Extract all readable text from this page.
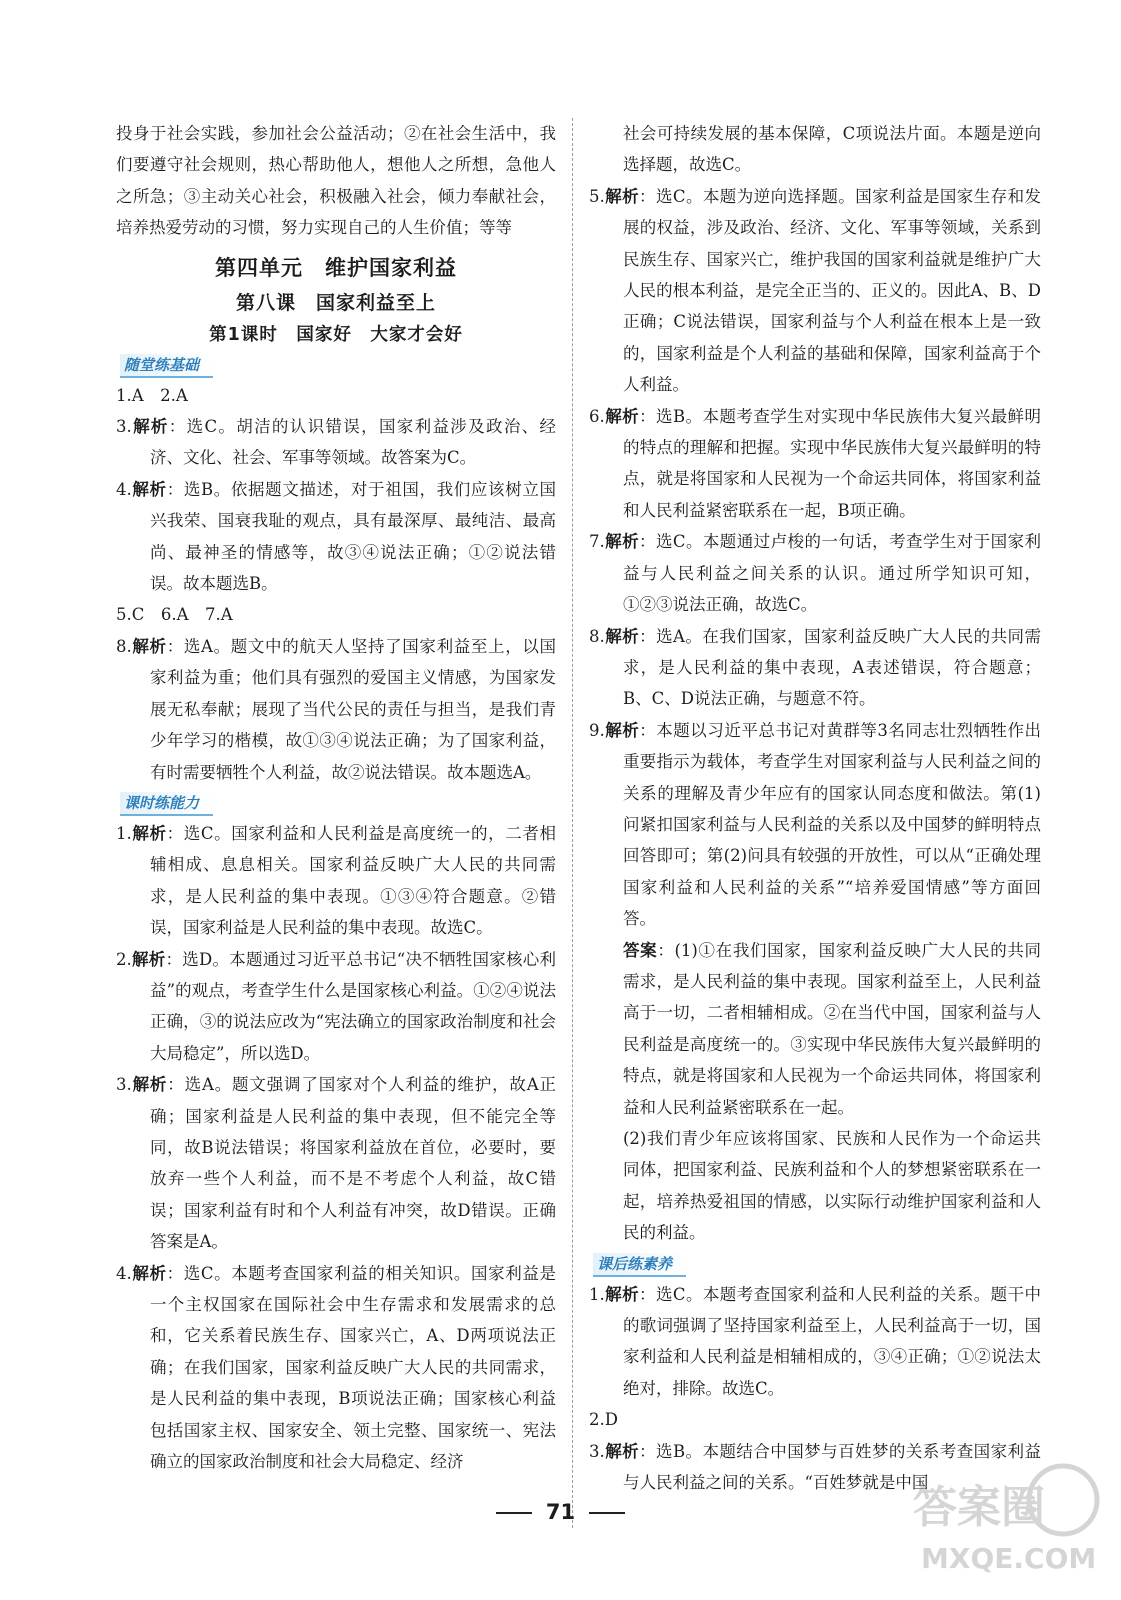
投身于社会实践，参加社会公益活动；②在社会生活中，我们要遵守社会规则，热心帮助他人，想他人之所想，急他人之所急；③主动关心社会，积极融入社会，倾力奉献社会，培养热爱劳动的习惯，努力实现自己的人生价值；等等

第四单元　维护国家利益
第八课　国家利益至上
第1课时　国家好　大家才会好
随堂练基础

1.A　2.A

3.解析：选C。胡洁的认识错误，国家利益涉及政治、经济、文化、社会、军事等领域。故答案为C。

4.解析：选B。依据题文描述，对于祖国，我们应该树立国兴我荣、国衰我耻的观点，具有最深厚、最纯洁、最高尚、最神圣的情感等，故③④说法正确；①②说法错误。故本题选B。

5.C　6.A　7.A

8.解析：选A。题文中的航天人坚持了国家利益至上，以国家利益为重；他们具有强烈的爱国主义情感，为国家发展无私奉献；展现了当代公民的责任与担当，是我们青少年学习的楷模，故①③④说法正确；为了国家利益，有时需要牺牲个人利益，故②说法错误。故本题选A。

课时练能力

1.解析：选C。国家利益和人民利益是高度统一的，二者相辅相成、息息相关。国家利益反映广大人民的共同需求，是人民利益的集中表现。①③④符合题意。②错误，国家利益是人民利益的集中表现。故选C。

2.解析：选D。本题通过习近平总书记“决不牺牲国家核心利益”的观点，考查学生什么是国家核心利益。①②④说法正确，③的说法应改为“宪法确立的国家政治制度和社会大局稳定”，所以选D。

3.解析：选A。题文强调了国家对个人利益的维护，故A正确；国家利益是人民利益的集中表现，但不能完全等同，故B说法错误；将国家利益放在首位，必要时，要放弃一些个人利益，而不是不考虑个人利益，故C错误；国家利益有时和个人利益有冲突，故D错误。正确答案是A。

4.解析：选C。本题考查国家利益的相关知识。国家利益是一个主权国家在国际社会中生存需求和发展需求的总和，它关系着民族生存、国家兴亡，A、D两项说法正确；在我们国家，国家利益反映广大人民的共同需求，是人民利益的集中表现，B项说法正确；国家核心利益包括国家主权、国家安全、领土完整、国家统一、宪法确立的国家政治制度和社会大局稳定、经济

社会可持续发展的基本保障，C项说法片面。本题是逆向选择题，故选C。

5.解析：选C。本题为逆向选择题。国家利益是国家生存和发展的权益，涉及政治、经济、文化、军事等领域，关系到民族生存、国家兴亡，维护我国的国家利益就是维护广大人民的根本利益，是完全正当的、正义的。因此A、B、D正确；C说法错误，国家利益与个人利益在根本上是一致的，国家利益是个人利益的基础和保障，国家利益高于个人利益。

6.解析：选B。本题考查学生对实现中华民族伟大复兴最鲜明的特点的理解和把握。实现中华民族伟大复兴最鲜明的特点，就是将国家和人民视为一个命运共同体，将国家利益和人民利益紧密联系在一起，B项正确。

7.解析：选C。本题通过卢梭的一句话，考查学生对于国家利益与人民利益之间关系的认识。通过所学知识可知，①②③说法正确，故选C。

8.解析：选A。在我们国家，国家利益反映广大人民的共同需求，是人民利益的集中表现，A表述错误，符合题意；B、C、D说法正确，与题意不符。

9.解析：本题以习近平总书记对黄群等3名同志壮烈牺牲作出重要指示为载体，考查学生对国家利益与人民利益之间的关系的理解及青少年应有的国家认同态度和做法。第(1)问紧扣国家利益与人民利益的关系以及中国梦的鲜明特点回答即可；第(2)问具有较强的开放性，可以从“正确处理国家利益和人民利益的关系”“培养爱国情感”等方面回答。

答案：(1)①在我们国家，国家利益反映广大人民的共同需求，是人民利益的集中表现。国家利益至上，人民利益高于一切，二者相辅相成。②在当代中国，国家利益与人民利益是高度统一的。③实现中华民族伟大复兴最鲜明的特点，就是将国家和人民视为一个命运共同体，将国家利益和人民利益紧密联系在一起。

(2)我们青少年应该将国家、民族和人民作为一个命运共同体，把国家利益、民族利益和个人的梦想紧密联系在一起，培养热爱祖国的情感，以实际行动维护国家利益和人民的利益。

课后练素养

1.解析：选C。本题考查国家利益和人民利益的关系。题干中的歌词强调了坚持国家利益至上，人民利益高于一切，国家利益和人民利益是相辅相成的，③④正确；①②说法太绝对，排除。故选C。

2.D

3.解析：选B。本题结合中国梦与百姓梦的关系考查国家利益与人民利益之间的关系。“百姓梦就是中国

71	答案圈
MXQE.COM
